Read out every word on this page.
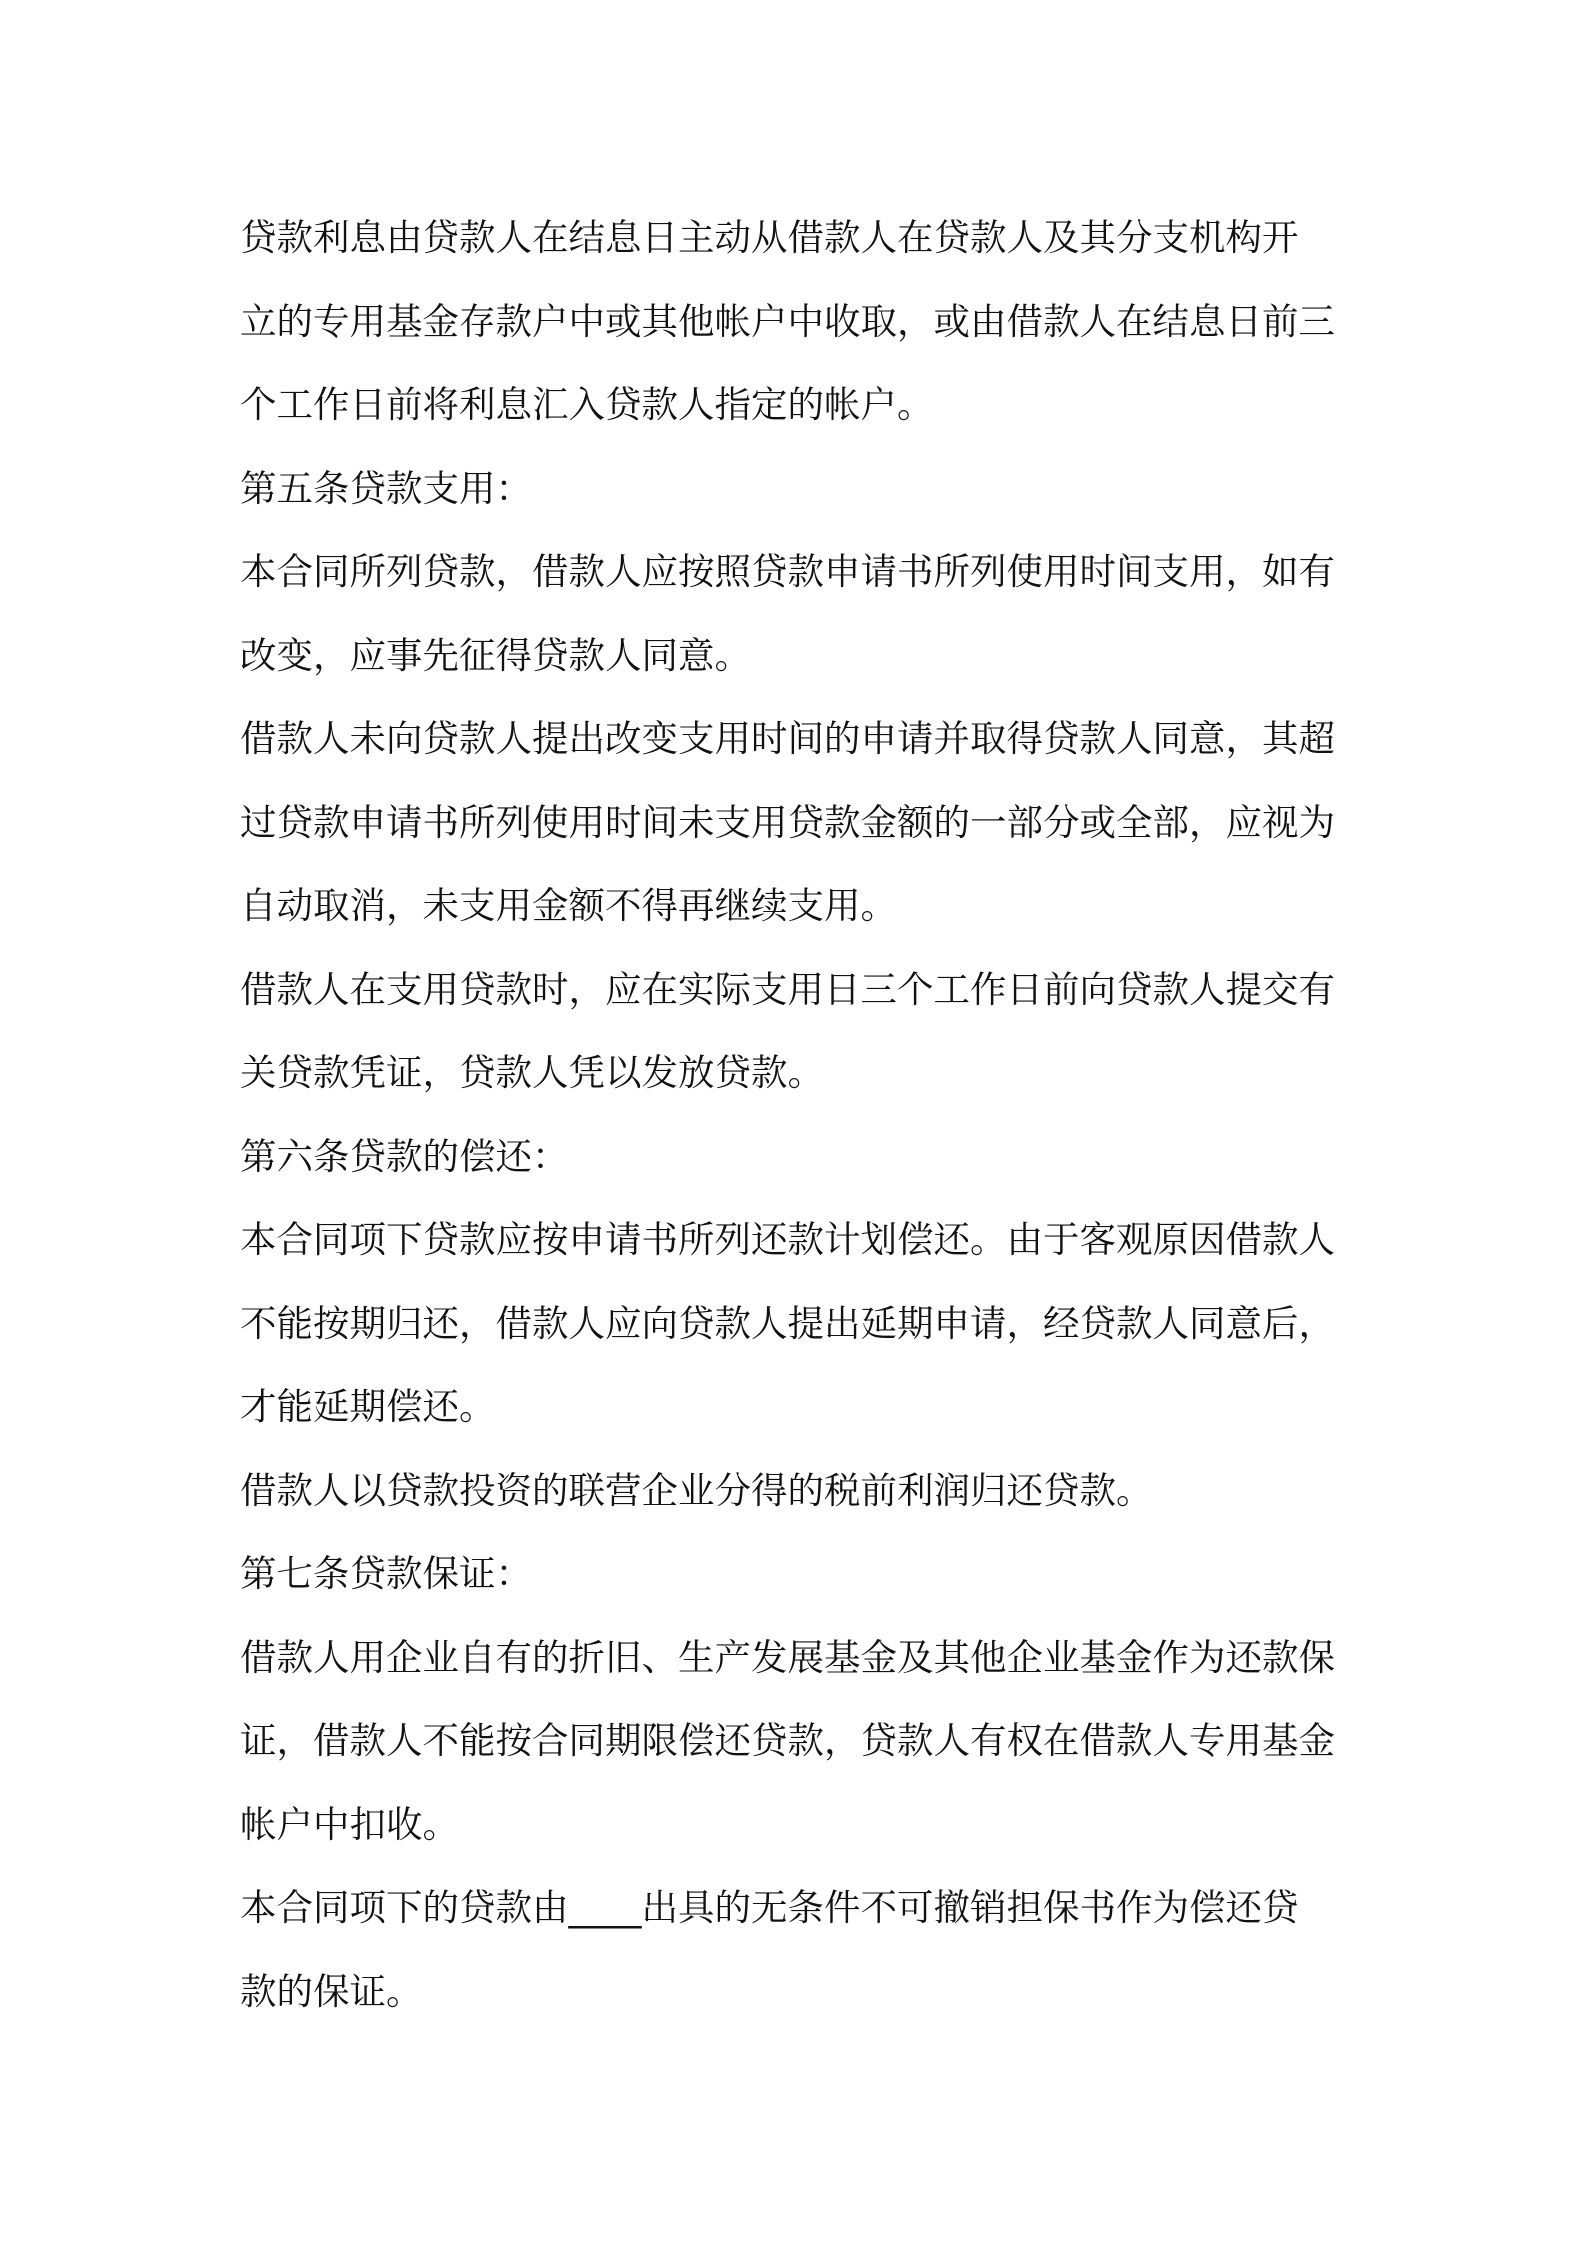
贷款利息由贷款人在结息日主动从借款人在贷款人及其分支机构开
立的专用基金存款户中或其他帐户中收取，或由借款人在结息日前三
个工作日前将利息汇入贷款人指定的帐户。
第五条贷款支用：
本合同所列贷款，借款人应按照贷款申请书所列使用时间支用，如有
改变，应事先征得贷款人同意。
借款人未向贷款人提出改变支用时间的申请并取得贷款人同意，其超
过贷款申请书所列使用时间未支用贷款金额的一部分或全部，应视为
自动取消，未支用金额不得再继续支用。
借款人在支用贷款时，应在实际支用日三个工作日前向贷款人提交有
关贷款凭证，贷款人凭以发放贷款。
第六条贷款的偿还：
本合同项下贷款应按申请书所列还款计划偿还。由于客观原因借款人
不能按期归还，借款人应向贷款人提出延期申请，经贷款人同意后，
才能延期偿还。
借款人以贷款投资的联营企业分得的税前利润归还贷款。
第七条贷款保证：
借款人用企业自有的折旧、生产发展基金及其他企业基金作为还款保
证，借款人不能按合同期限偿还贷款，贷款人有权在借款人专用基金
帐户中扣收。
本合同项下的贷款由____出具的无条件不可撤销担保书作为偿还贷
款的保证。
